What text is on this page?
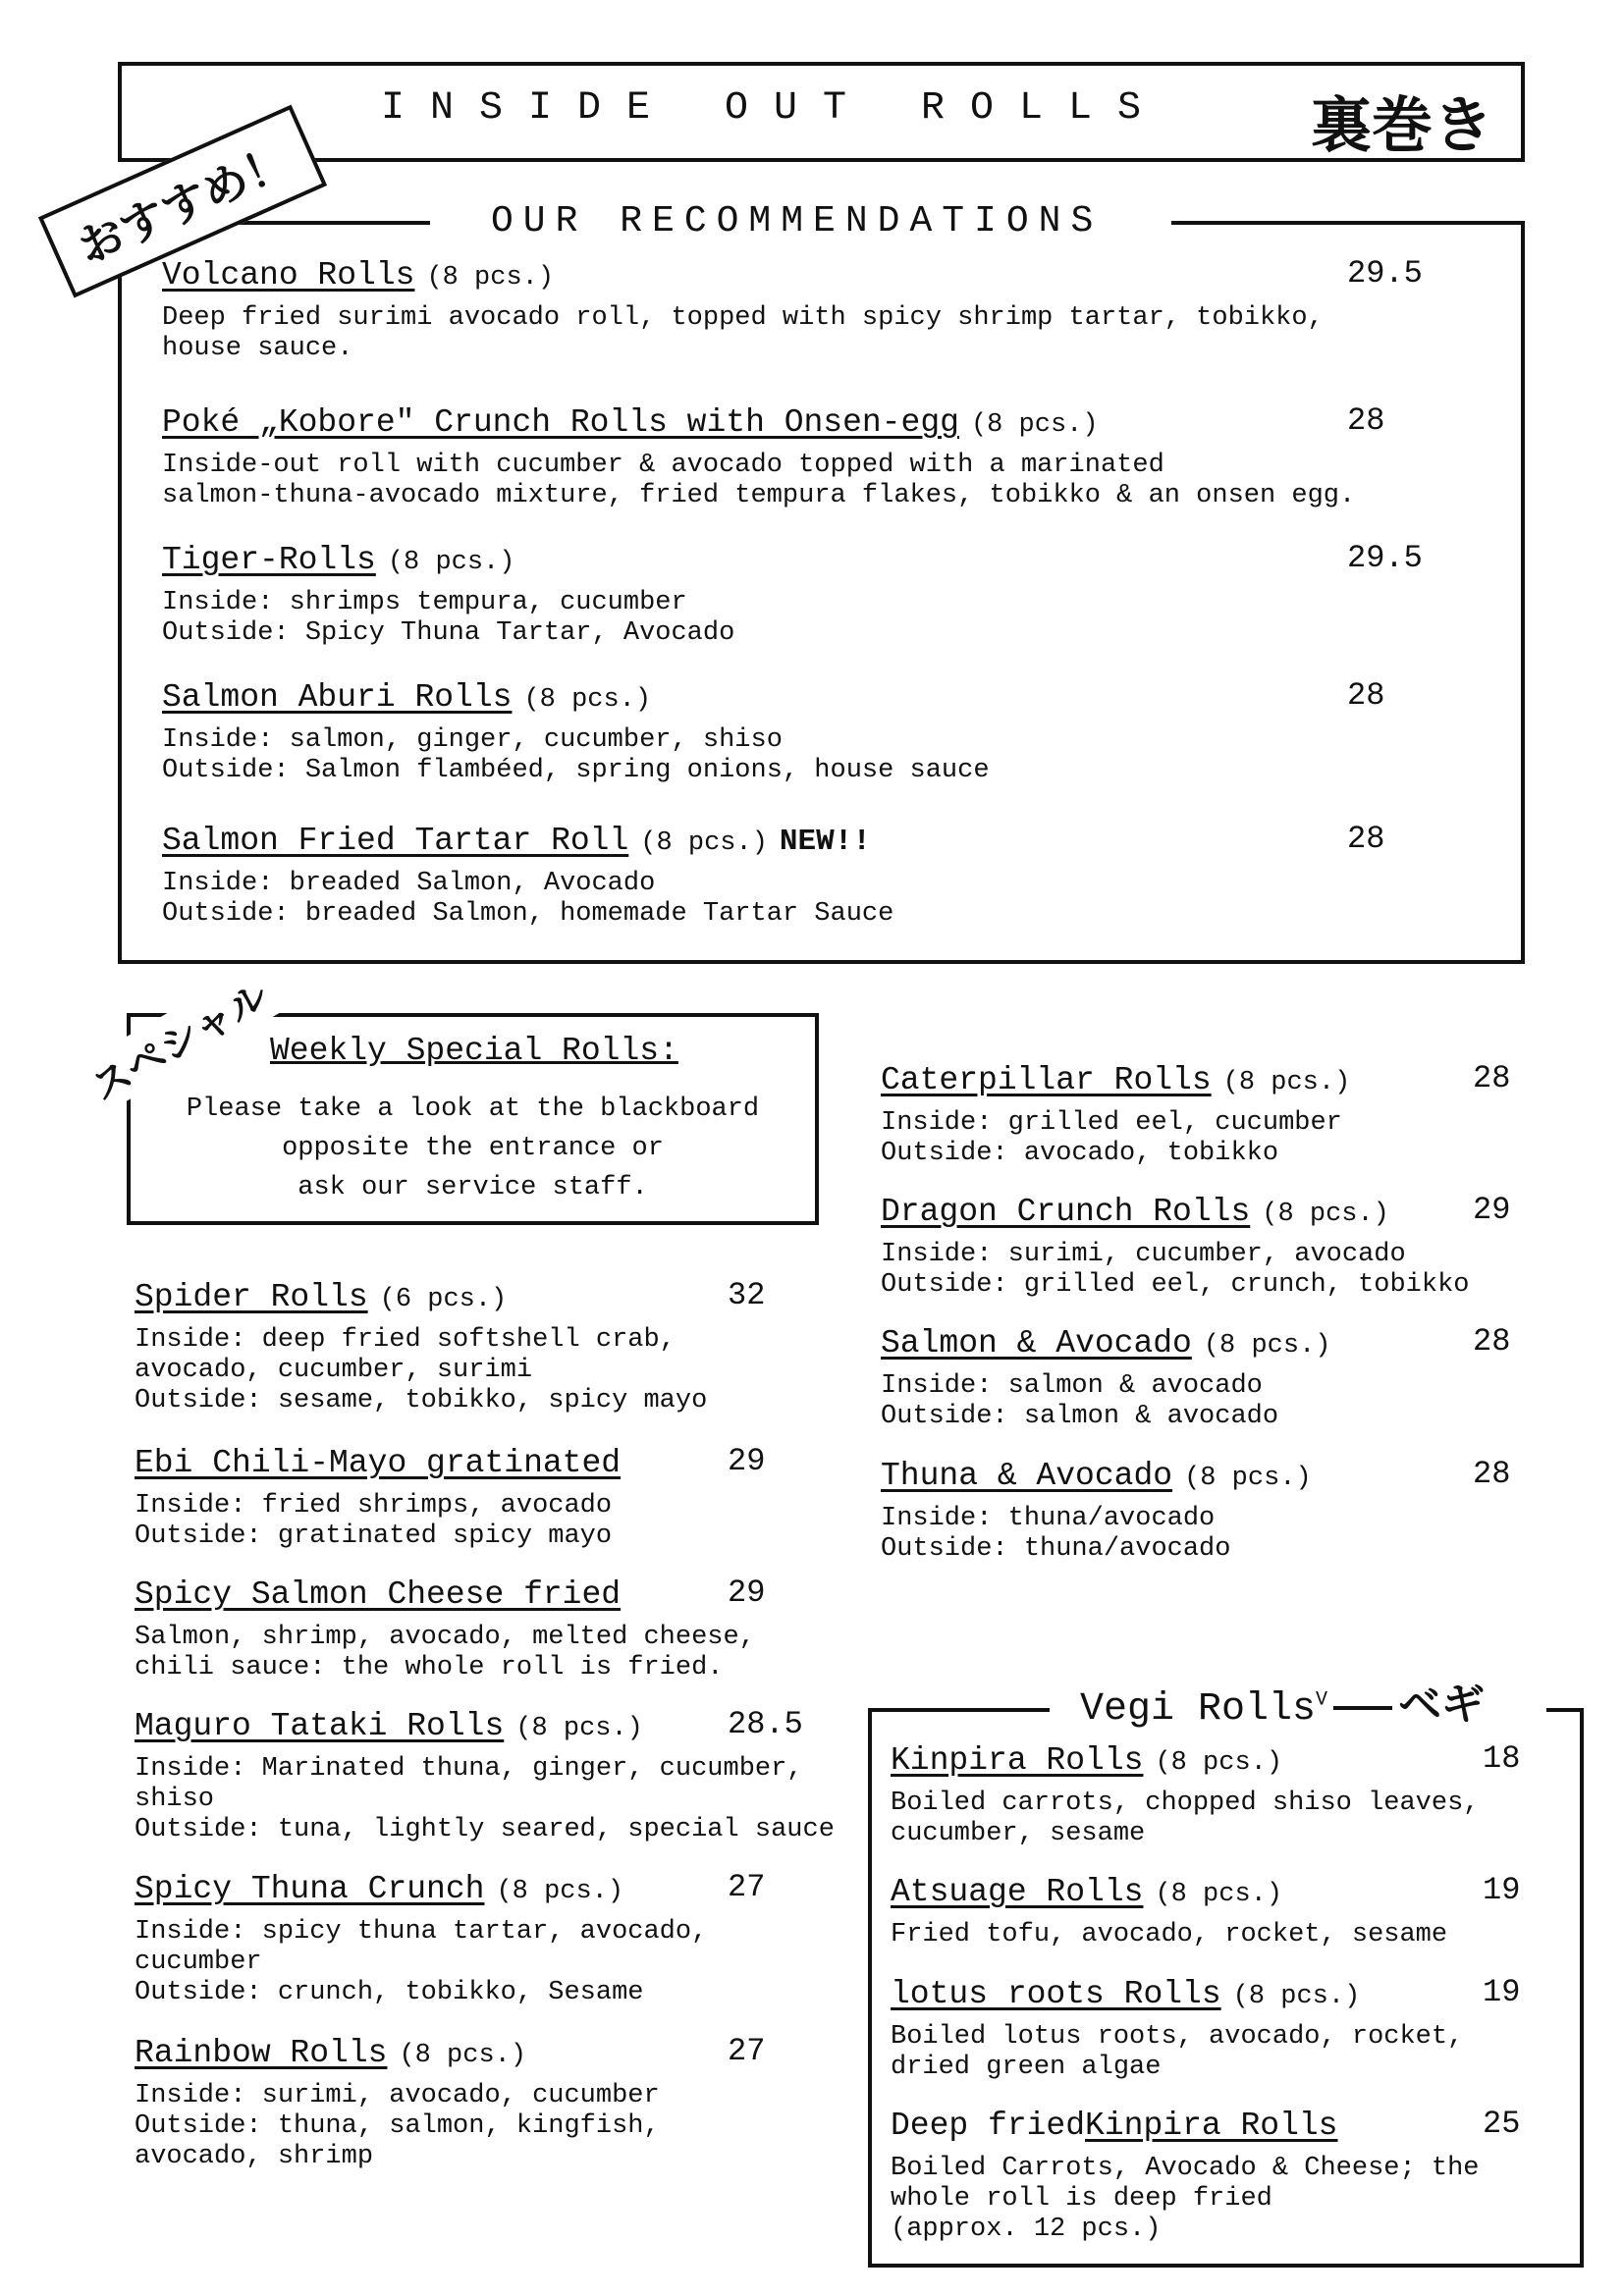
INSIDE OUT ROLLS 裏巻き
OUR RECOMMENDATIONS
おすすめ！
Volcano Rolls (8 pcs.)
Deep fried surimi avocado roll, topped with spicy shrimp tartar, tobikko,
house sauce.
29.5
Poké „Kobore" Crunch Rolls with Onsen-egg (8 pcs.)
Inside-out roll with cucumber & avocado topped with a marinated
salmon-thuna-avocado mixture, fried tempura flakes, tobikko & an onsen egg.
28
Tiger-Rolls (8 pcs.)
Inside: shrimps tempura, cucumber
Outside: Spicy Thuna Tartar, Avocado
29.5
Salmon Aburi Rolls (8 pcs.)
Inside: salmon, ginger, cucumber, shiso
Outside: Salmon flambéed, spring onions, house sauce
28
Salmon Fried Tartar Roll (8 pcs.) NEW!!
Inside: breaded Salmon, Avocado
Outside: breaded Salmon, homemade Tartar Sauce
28
スペシャル
Weekly Special Rolls:
Please take a look at the blackboard
opposite the entrance or
ask our service staff.
Spider Rolls (6 pcs.)
Inside: deep fried softshell crab,
avocado, cucumber, surimi
Outside: sesame, tobikko, spicy mayo
32
Ebi Chili-Mayo gratinated
Inside: fried shrimps, avocado
Outside: gratinated spicy mayo
29
Spicy Salmon Cheese fried
Salmon, shrimp, avocado, melted cheese,
chili sauce: the whole roll is fried.
29
Maguro Tataki Rolls (8 pcs.)
Inside: Marinated thuna, ginger, cucumber,
shiso
Outside: tuna, lightly seared, special sauce
28.5
Spicy Thuna Crunch (8 pcs.)
Inside: spicy thuna tartar, avocado,
cucumber
Outside: crunch, tobikko, Sesame
27
Rainbow Rolls (8 pcs.)
Inside: surimi, avocado, cucumber
Outside: thuna, salmon, kingfish,
avocado, shrimp
27
Caterpillar Rolls (8 pcs.)
Inside: grilled eel, cucumber
Outside: avocado, tobikko
28
Dragon Crunch Rolls (8 pcs.)
Inside: surimi, cucumber, avocado
Outside: grilled eel, crunch, tobikko
29
Salmon & Avocado (8 pcs.)
Inside: salmon & avocado
Outside: salmon & avocado
28
Thuna & Avocado (8 pcs.)
Inside: thuna/avocado
Outside: thuna/avocado
28
Vegi Rolls$^V$ ベギ
Kinpira Rolls (8 pcs.)
Boiled carrots, chopped shiso leaves,
cucumber, sesame
18
Atsuage Rolls (8 pcs.)
Fried tofu, avocado, rocket, sesame
19
lotus roots Rolls (8 pcs.)
Boiled lotus roots, avocado, rocket,
dried green algae
19
Deep friedKinpira Rolls
Boiled Carrots, Avocado & Cheese; the
whole roll is deep fried
(approx. 12 pcs.)
25
